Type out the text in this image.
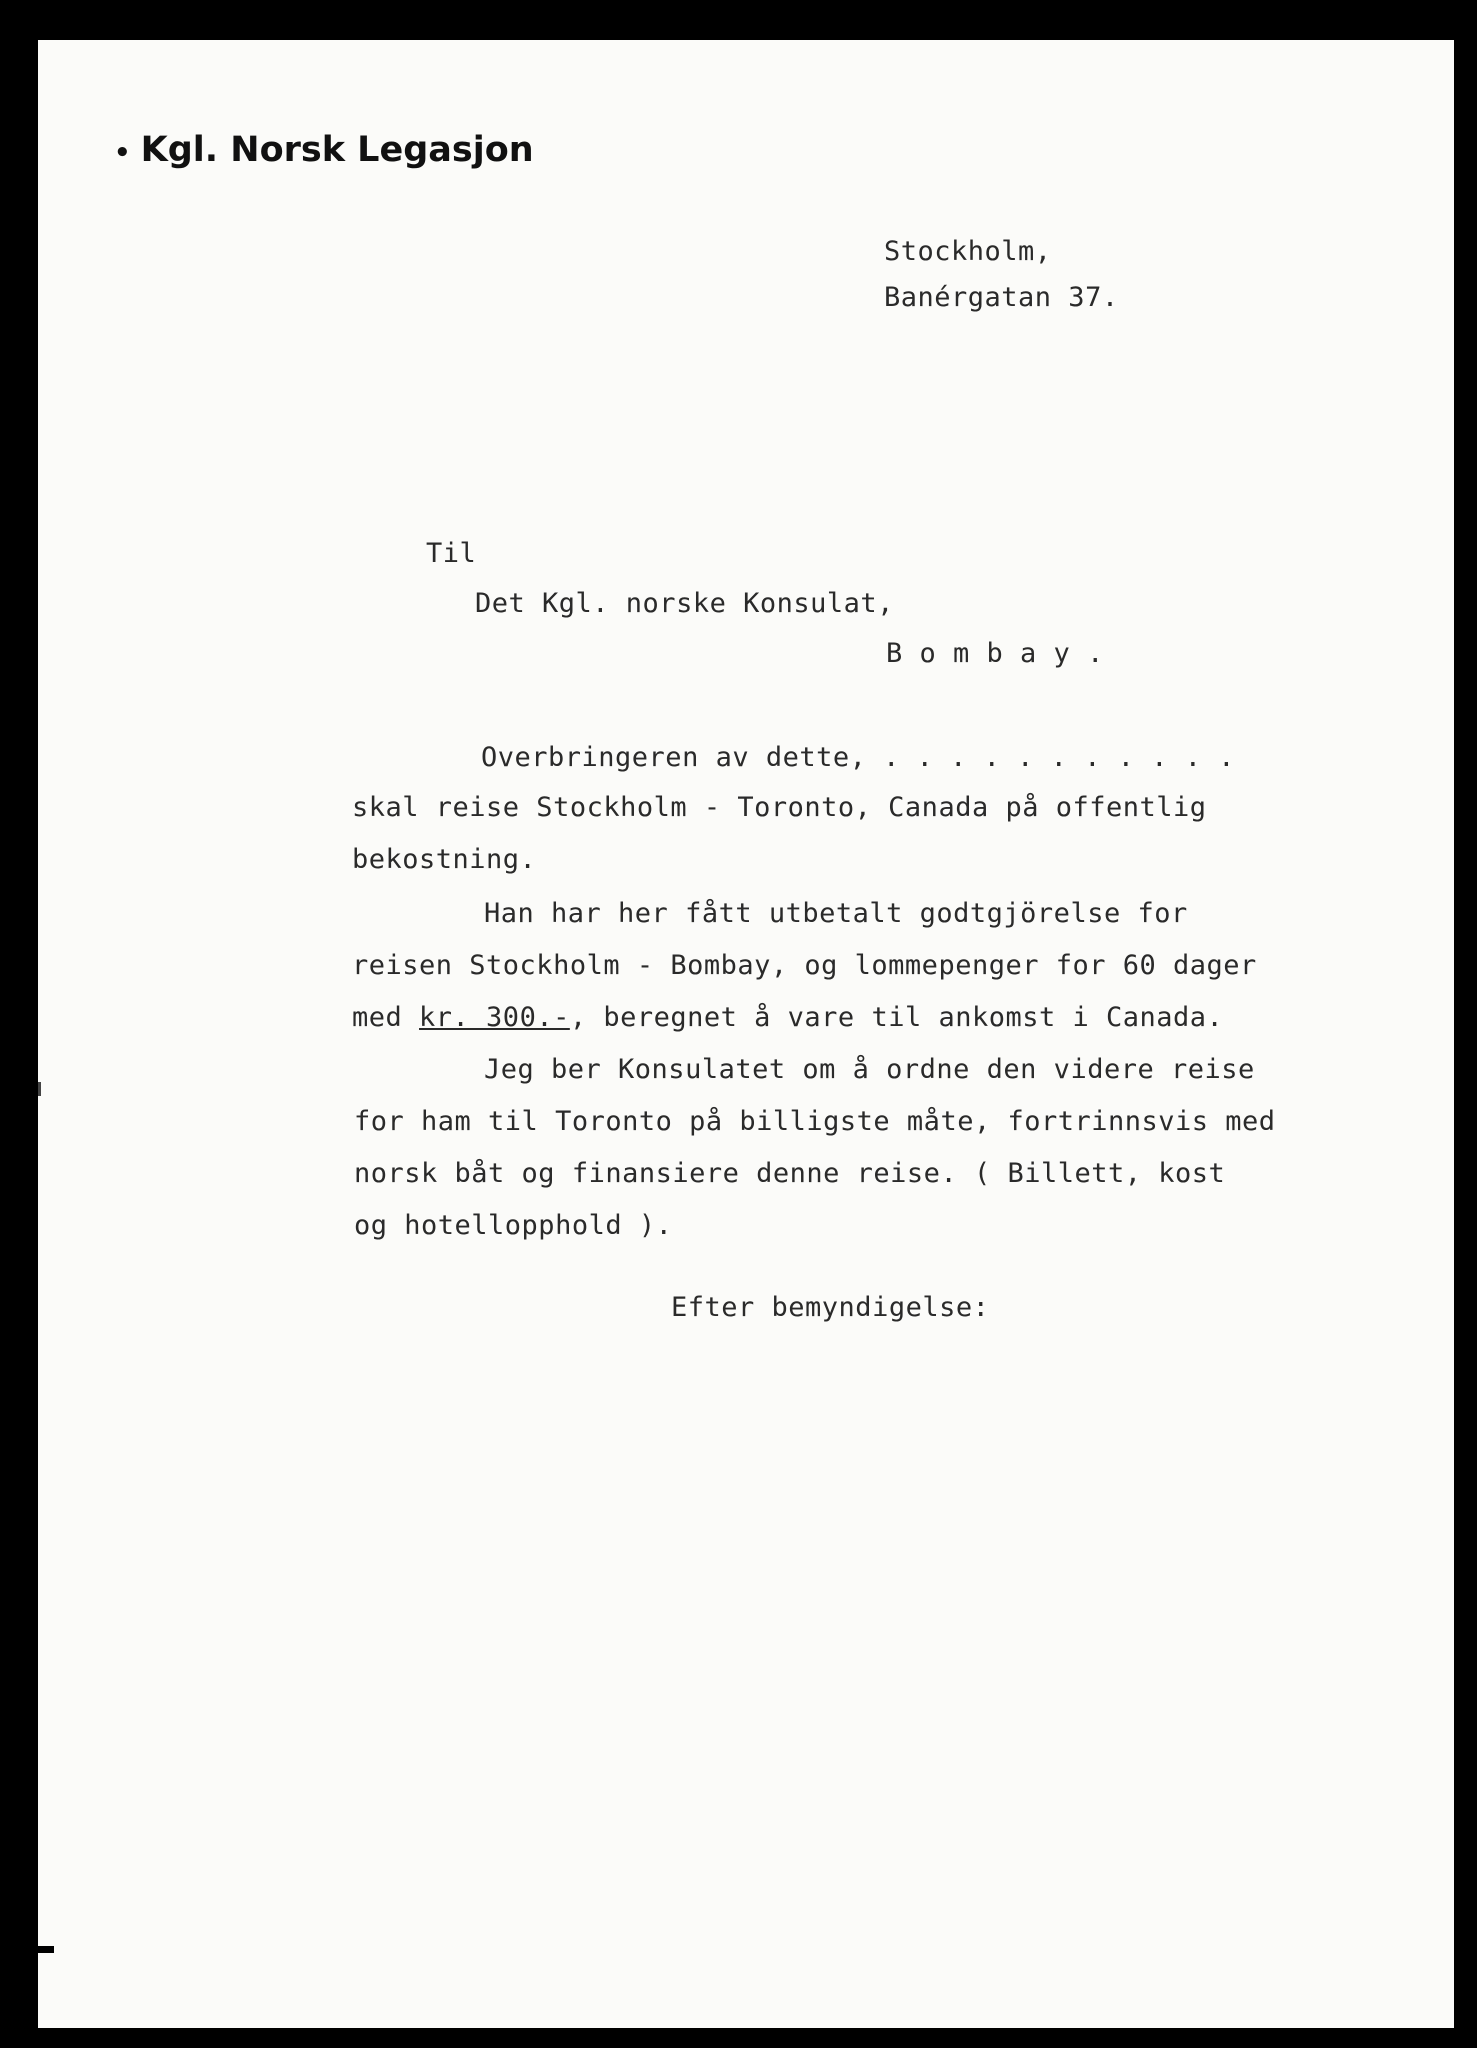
• Kgl. Norsk Legasjon
Stockholm,
Banérgatan 37.
Til
Det Kgl. norske Konsulat,
B o m b a y .
Overbringeren av dette, . . . . . . . . . . .
skal reise Stockholm - Toronto, Canada på offentlig
bekostning.
Han har her fått utbetalt godtgjörelse for
reisen Stockholm - Bombay, og lommepenger for 60 dager
med kr. 300.-, beregnet å vare til ankomst i Canada.
Jeg ber Konsulatet om å ordne den videre reise
for ham til Toronto på billigste måte, fortrinnsvis med
norsk båt og finansiere denne reise. ( Billett, kost
og hotellopphold ).
Efter bemyndigelse:
